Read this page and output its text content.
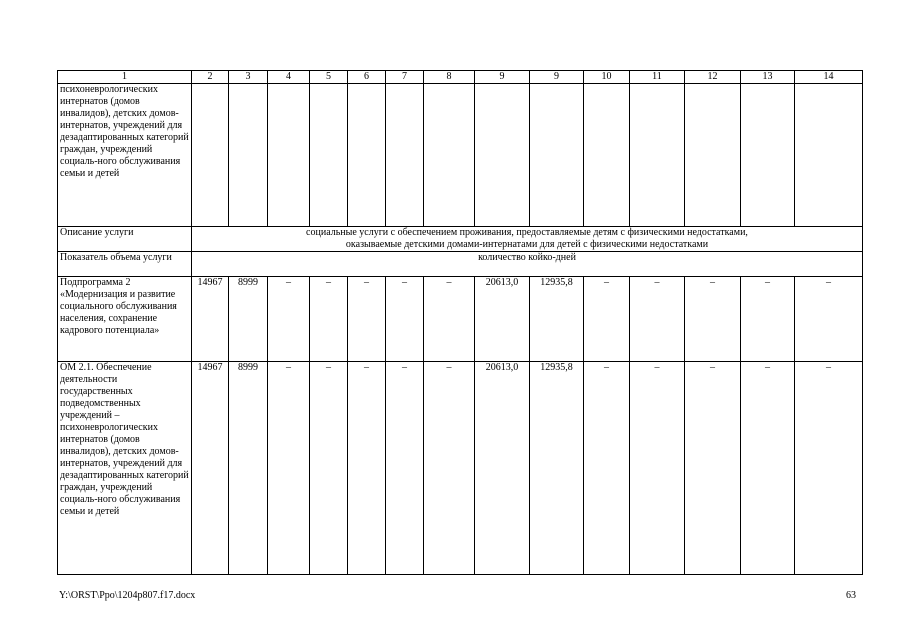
1	2	3	4	5	6	7	8	9	9	10	11	12	13	14
психоневрологических интернатов (домов инвалидов), детских домов-интернатов, учреждений для дезадаптированных категорий граждан, учреждений социаль-ного обслуживания семьи и детей														
Описание услуги	социальные услуги с обеспечением проживания, предоставляемые детям с физическими недостатками,
оказываемые детскими домами-интернатами для детей с физическими недостатками													

Показатель объема услуги	количество койко-дней													
Подпрограмма 2 «Модернизация и развитие социального обслуживания населения, сохранение кадрового потенциала»	14967	8999	–	–	–	–	–	20613,0	12935,8	–	–	–	–	–
ОМ 2.1. Обеспечение деятельности государственных подведомственных учреждений – психоневрологических интернатов (домов инвалидов), детских домов-интернатов, учреждений для дезадаптированных категорий граждан, учреждений социаль-ного обслуживания семьи и детей	14967	8999	–	–	–	–	–	20613,0	12935,8	–	–	–	–	–
Y:\ORST\Ppo\1204p807.f17.docx	63
